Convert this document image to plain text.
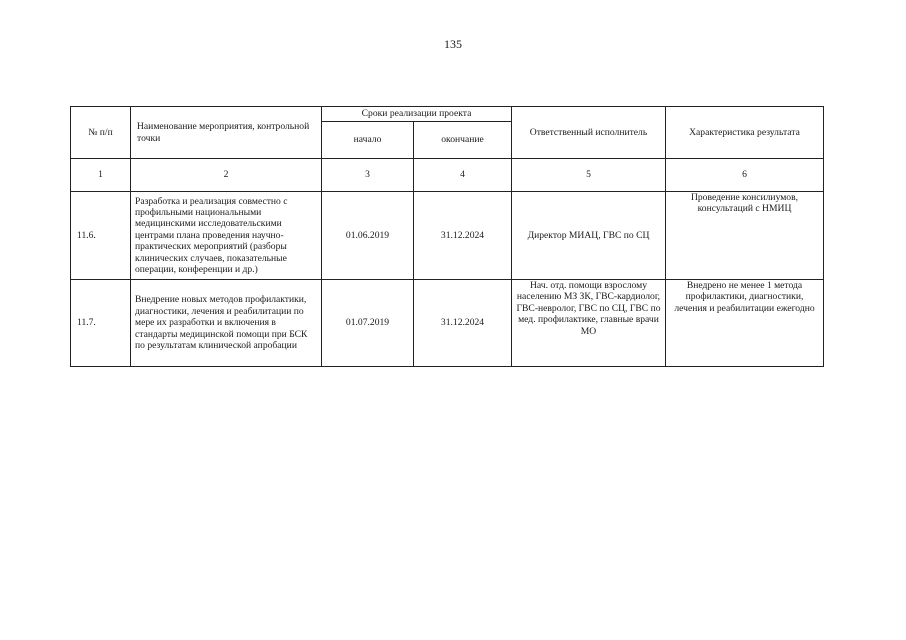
135
№ п/п	Наименование мероприятия, контрольной точки	Сроки реализации проекта		Ответственный исполнитель	Характеристика результата
		начало	окончание		
1	2	3	4	5	6
11.6.	Разработка и реализация совместно с профильными национальными медицинскими исследовательскими центрами плана проведения научно-практических мероприятий (разборы клинических случаев, показательные операции, конференции и др.)	01.06.2019	31.12.2024	Директор МИАЦ, ГВС по СЦ	Проведение консилиумов, консультаций с НМИЦ
11.7.	Внедрение новых методов профилактики, диагностики, лечения и реабилитации по мере их разработки и включения в стандарты медицинской помощи при БСК по результатам клинической апробации	01.07.2019	31.12.2024	Нач. отд. помощи взрослому населению МЗ ЗК, ГВС-кардиолог, ГВС-невролог, ГВС по СЦ, ГВС по мед. профилактике, главные врачи МО	Внедрено не менее 1 метода профилактики, диагностики, лечения и реабилитации ежегодно
